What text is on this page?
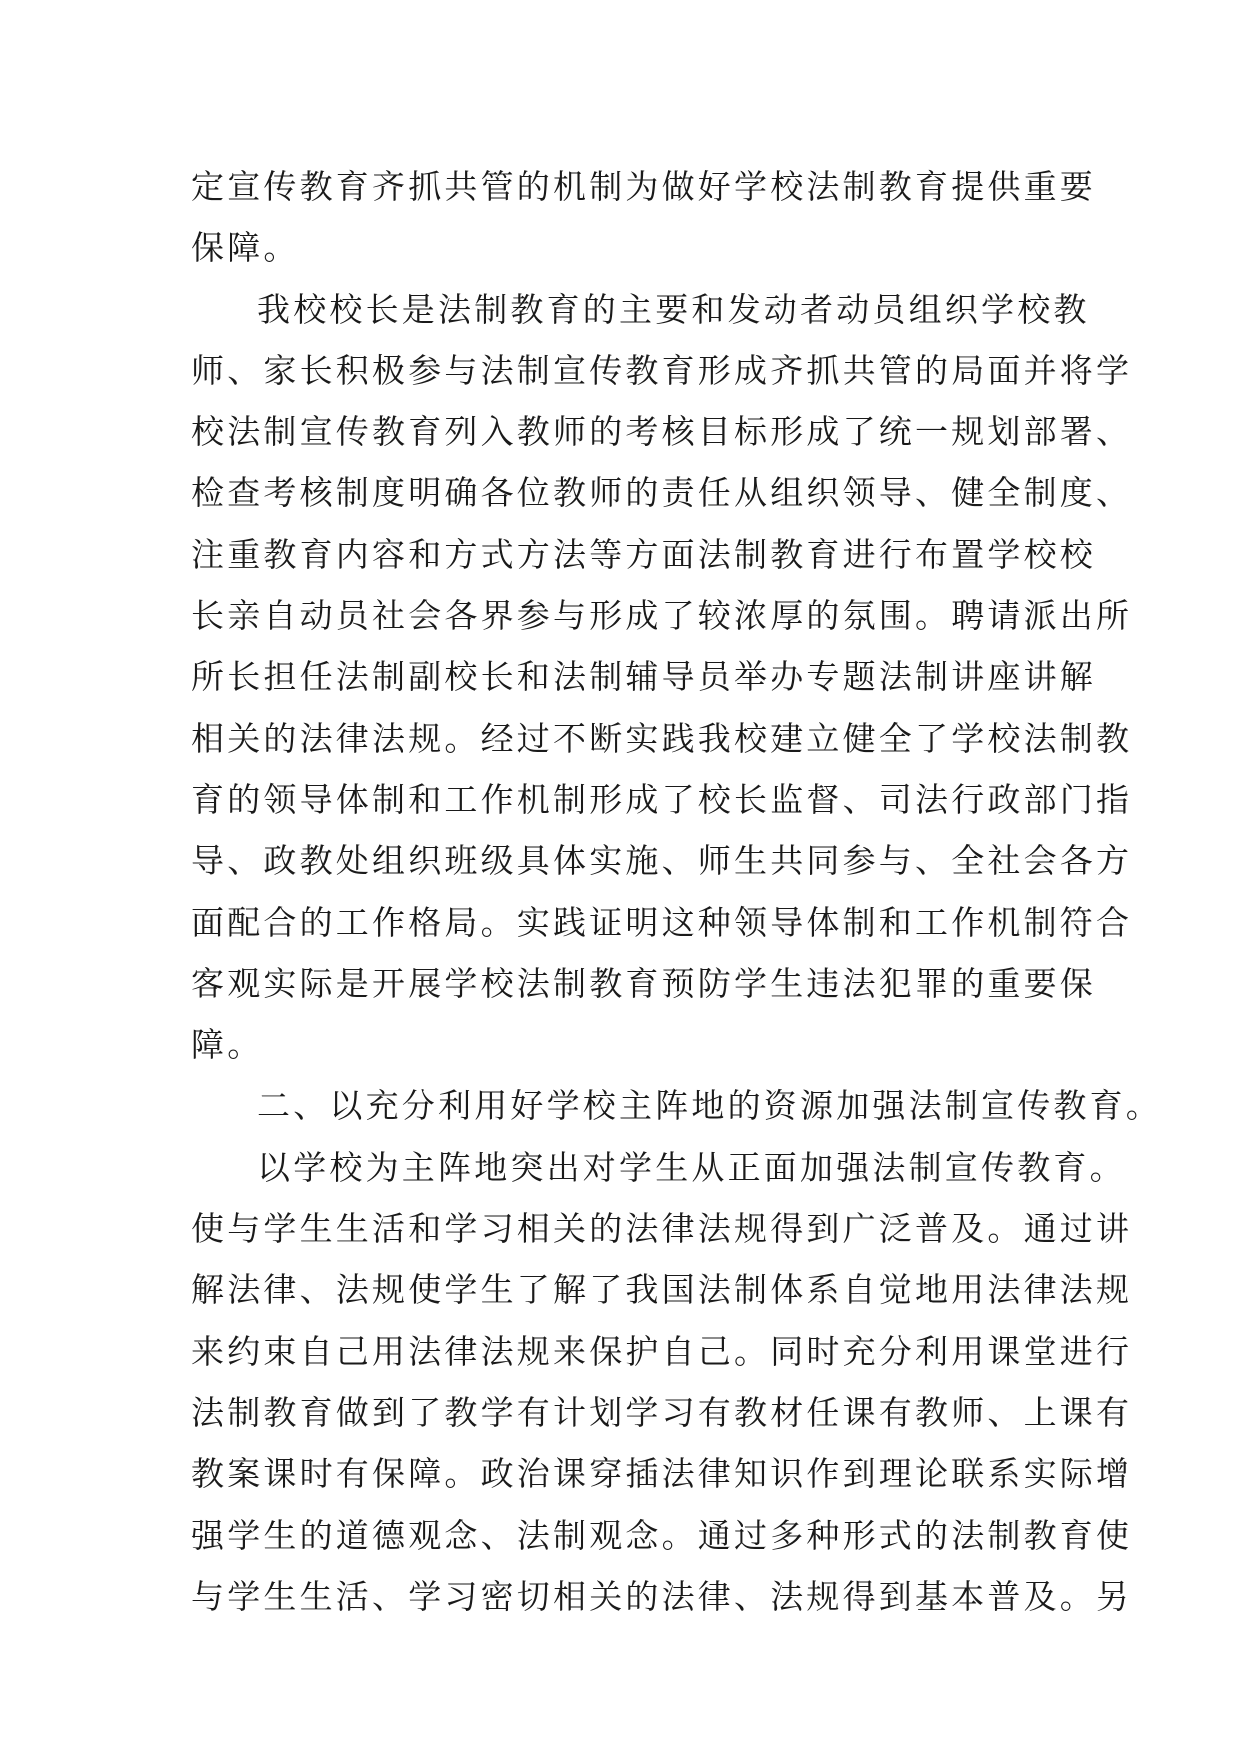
定宣传教育齐抓共管的机制为做好学校法制教育提供重要
保障。
我校校长是法制教育的主要和发动者动员组织学校教
师、家长积极参与法制宣传教育形成齐抓共管的局面并将学
校法制宣传教育列入教师的考核目标形成了统一规划部署、
检查考核制度明确各位教师的责任从组织领导、健全制度、
注重教育内容和方式方法等方面法制教育进行布置学校校
长亲自动员社会各界参与形成了较浓厚的氛围。聘请派出所
所长担任法制副校长和法制辅导员举办专题法制讲座讲解
相关的法律法规。经过不断实践我校建立健全了学校法制教
育的领导体制和工作机制形成了校长监督、司法行政部门指
导、政教处组织班级具体实施、师生共同参与、全社会各方
面配合的工作格局。实践证明这种领导体制和工作机制符合
客观实际是开展学校法制教育预防学生违法犯罪的重要保
障。
二、以充分利用好学校主阵地的资源加强法制宣传教育。
以学校为主阵地突出对学生从正面加强法制宣传教育。
使与学生生活和学习相关的法律法规得到广泛普及。通过讲
解法律、法规使学生了解了我国法制体系自觉地用法律法规
来约束自己用法律法规来保护自己。同时充分利用课堂进行
法制教育做到了教学有计划学习有教材任课有教师、上课有
教案课时有保障。政治课穿插法律知识作到理论联系实际增
强学生的道德观念、法制观念。通过多种形式的法制教育使
与学生生活、学习密切相关的法律、法规得到基本普及。另
